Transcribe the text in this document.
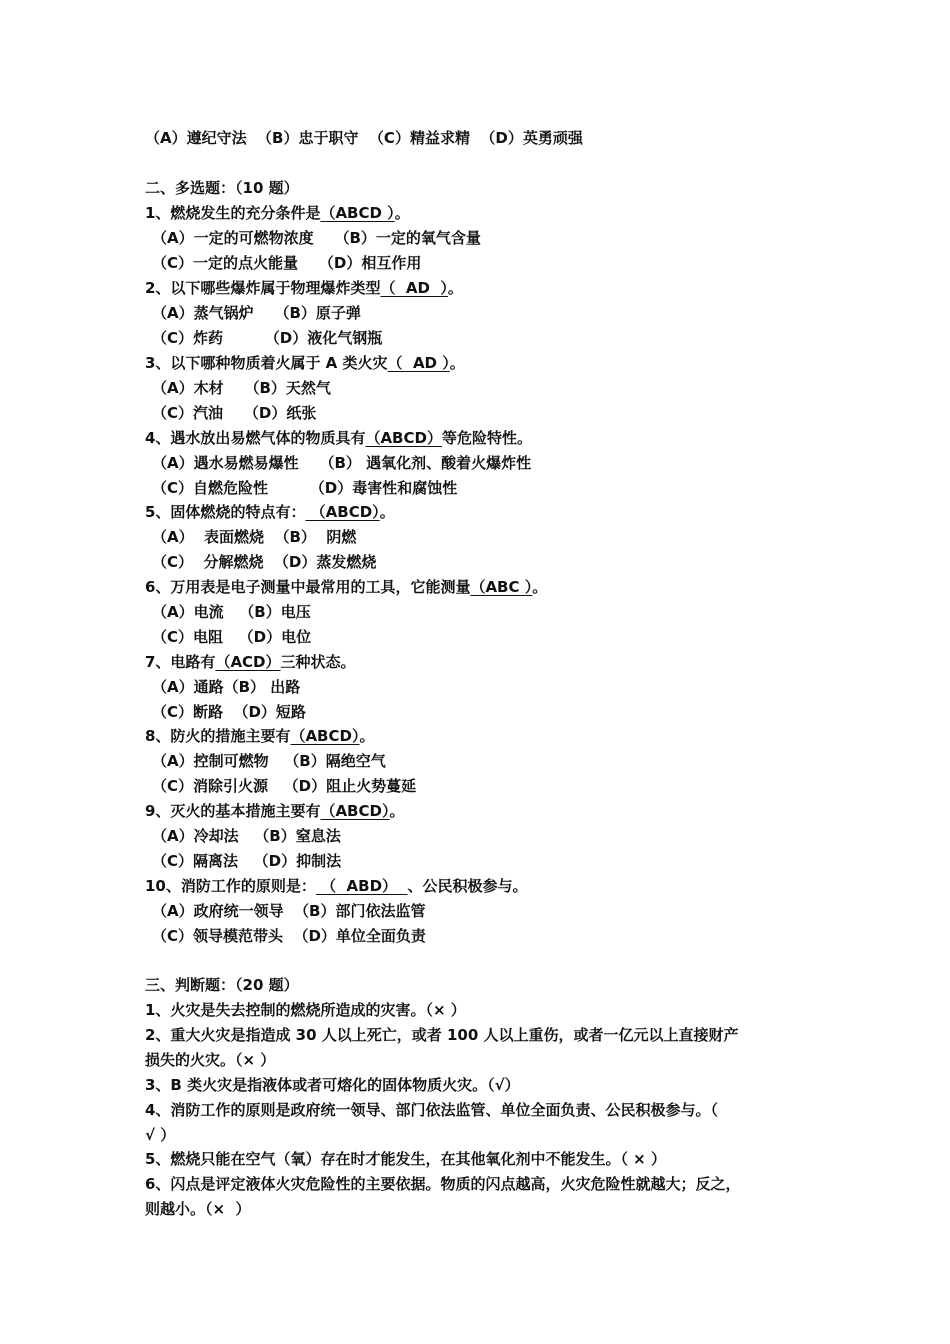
（A）遵纪守法  （B）忠于职守  （C）精益求精  （D）英勇顽强
二、多选题：（10 题）
1、燃烧发生的充分条件是（ABCD ）。
（A）一定的可燃物浓度    （B）一定的氧气含量
（C）一定的点火能量    （D）相互作用
2、以下哪些爆炸属于物理爆炸类型（  AD  ）。
（A）蒸气锅炉    （B）原子弹
（C）炸药        （D）液化气钢瓶
3、以下哪种物质着火属于 A 类火灾（  AD ）。
（A）木材    （B）天然气
（C）汽油    （D）纸张
4、遇水放出易燃气体的物质具有（ABCD）等危险特性。
（A）遇水易燃易爆性    （B） 遇氧化剂、酸着火爆炸性
（C）自燃危险性        （D）毒害性和腐蚀性
5、固体燃烧的特点有： （ABCD）。
（A）  表面燃烧  （B）  阴燃
（C）  分解燃烧  （D）蒸发燃烧
6、万用表是电子测量中最常用的工具，它能测量（ABC ）。
（A）电流   （B）电压
（C）电阻   （D）电位
7、电路有（ACD）三种状态。
（A）通路（B） 出路
（C）断路  （D）短路
8、防火的措施主要有（ABCD）。
（A）控制可燃物   （B）隔绝空气
（C）消除引火源   （D）阻止火势蔓延
9、灭火的基本措施主要有（ABCD）。
（A）冷却法   （B）窒息法
（C）隔离法   （D）抑制法
10、消防工作的原则是： （  ABD）  、公民积极参与。
（A）政府统一领导  （B）部门依法监管
（C）领导模范带头  （D）单位全面负责
三、判断题：（20 题）
1、火灾是失去控制的燃烧所造成的灾害。（× ）
2、重大火灾是指造成 30 人以上死亡，或者 100 人以上重伤，或者一亿元以上直接财产
损失的火灾。（× ）
3、B 类火灾是指液体或者可熔化的固体物质火灾。（√）
4、消防工作的原则是政府统一领导、部门依法监管、单位全面负责、公民积极参与。（
√ ）
5、燃烧只能在空气（氧）存在时才能发生，在其他氧化剂中不能发生。（ × ）
6、闪点是评定液体火灾危险性的主要依据。物质的闪点越高，火灾危险性就越大；反之，
则越小。（×  ）
